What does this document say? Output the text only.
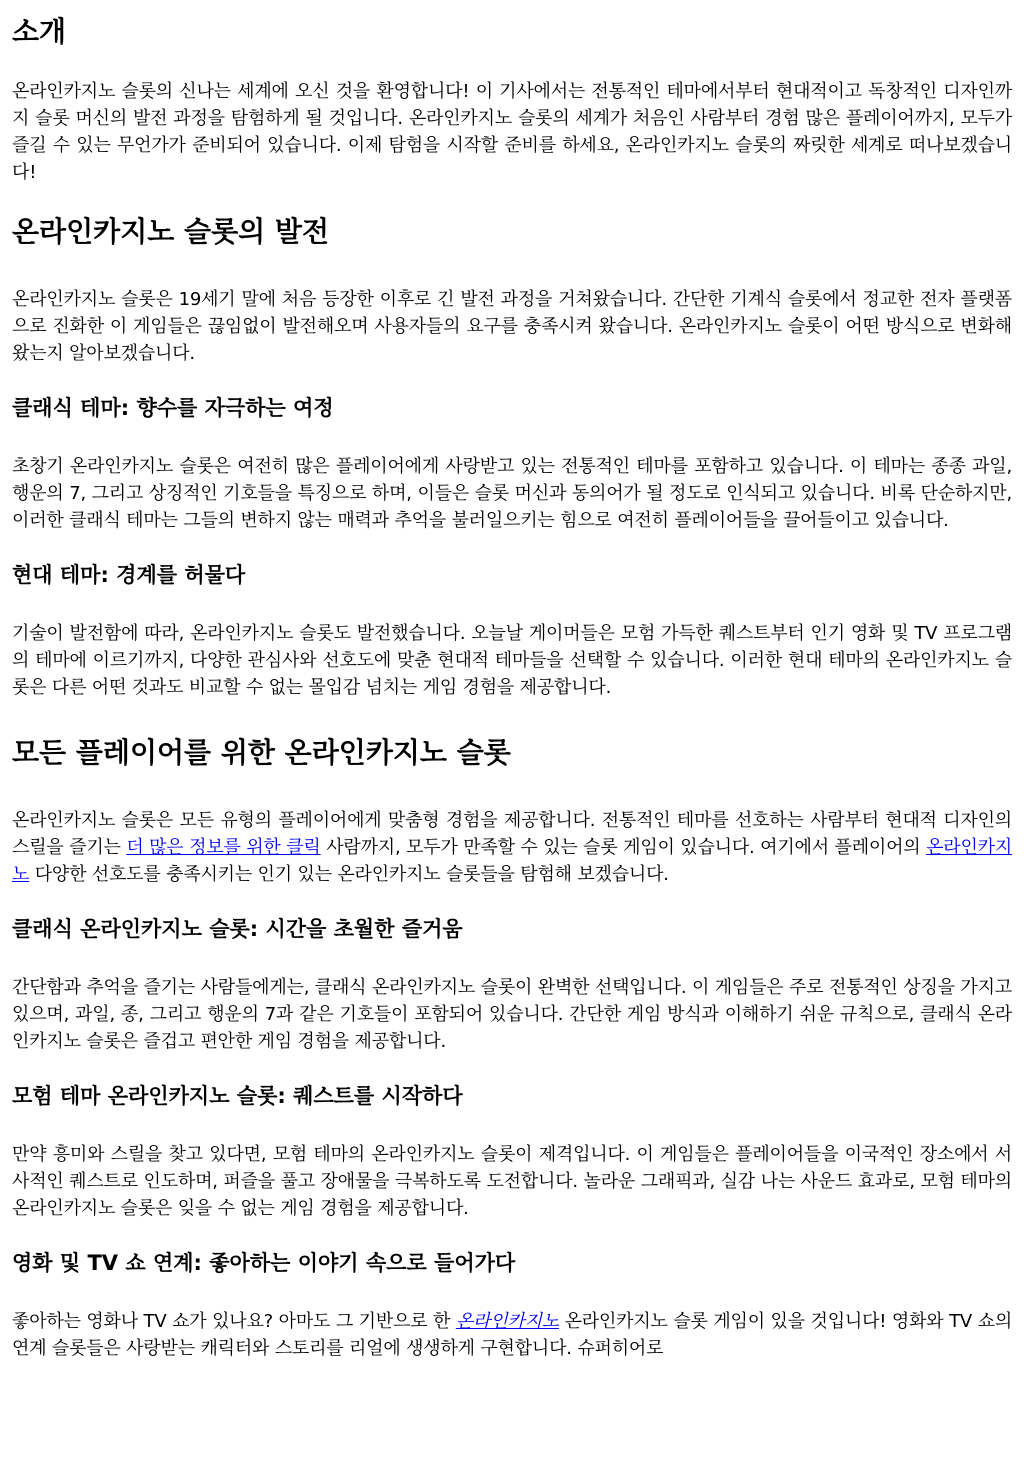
소개

온라인카지노 슬롯의 신나는 세계에 오신 것을 환영합니다! 이 기사에서는 전통적인 테마에서부터 현대적이고 독창적인 디자인까지 슬롯 머신의 발전 과정을 탐험하게 될 것입니다. 온라인카지노 슬롯의 세계가 처음인 사람부터 경험 많은 플레이어까지, 모두가 즐길 수 있는 무언가가 준비되어 있습니다. 이제 탐험을 시작할 준비를 하세요, 온라인카지노 슬롯의 짜릿한 세계로 떠나보겠습니다!

온라인카지노 슬롯의 발전

온라인카지노 슬롯은 19세기 말에 처음 등장한 이후로 긴 발전 과정을 거쳐왔습니다. 간단한 기계식 슬롯에서 정교한 전자 플랫폼으로 진화한 이 게임들은 끊임없이 발전해오며 사용자들의 요구를 충족시켜 왔습니다. 온라인카지노 슬롯이 어떤 방식으로 변화해왔는지 알아보겠습니다.

클래식 테마: 향수를 자극하는 여정

초창기 온라인카지노 슬롯은 여전히 많은 플레이어에게 사랑받고 있는 전통적인 테마를 포함하고 있습니다. 이 테마는 종종 과일, 행운의 7, 그리고 상징적인 기호들을 특징으로 하며, 이들은 슬롯 머신과 동의어가 될 정도로 인식되고 있습니다. 비록 단순하지만, 이러한 클래식 테마는 그들의 변하지 않는 매력과 추억을 불러일으키는 힘으로 여전히 플레이어들을 끌어들이고 있습니다.

현대 테마: 경계를 허물다

기술이 발전함에 따라, 온라인카지노 슬롯도 발전했습니다. 오늘날 게이머들은 모험 가득한 퀘스트부터 인기 영화 및 TV 프로그램의 테마에 이르기까지, 다양한 관심사와 선호도에 맞춘 현대적 테마들을 선택할 수 있습니다. 이러한 현대 테마의 온라인카지노 슬롯은 다른 어떤 것과도 비교할 수 없는 몰입감 넘치는 게임 경험을 제공합니다.

모든 플레이어를 위한 온라인카지노 슬롯

온라인카지노 슬롯은 모든 유형의 플레이어에게 맞춤형 경험을 제공합니다. 전통적인 테마를 선호하는 사람부터 현대적 디자인의 스릴을 즐기는 더 많은 정보를 위한 클릭 사람까지, 모두가 만족할 수 있는 슬롯 게임이 있습니다. 여기에서 플레이어의 온라인카지노 다양한 선호도를 충족시키는 인기 있는 온라인카지노 슬롯들을 탐험해 보겠습니다.

클래식 온라인카지노 슬롯: 시간을 초월한 즐거움

간단함과 추억을 즐기는 사람들에게는, 클래식 온라인카지노 슬롯이 완벽한 선택입니다. 이 게임들은 주로 전통적인 상징을 가지고 있으며, 과일, 종, 그리고 행운의 7과 같은 기호들이 포함되어 있습니다. 간단한 게임 방식과 이해하기 쉬운 규칙으로, 클래식 온라인카지노 슬롯은 즐겁고 편안한 게임 경험을 제공합니다.

모험 테마 온라인카지노 슬롯: 퀘스트를 시작하다

만약 흥미와 스릴을 찾고 있다면, 모험 테마의 온라인카지노 슬롯이 제격입니다. 이 게임들은 플레이어들을 이국적인 장소에서 서사적인 퀘스트로 인도하며, 퍼즐을 풀고 장애물을 극복하도록 도전합니다. 놀라운 그래픽과, 실감 나는 사운드 효과로, 모험 테마의 온라인카지노 슬롯은 잊을 수 없는 게임 경험을 제공합니다.

영화 및 TV 쇼 연계: 좋아하는 이야기 속으로 들어가다

좋아하는 영화나 TV 쇼가 있나요? 아마도 그 기반으로 한 온라인카지노 온라인카지노 슬롯 게임이 있을 것입니다! 영화와 TV 쇼의 연계 슬롯들은 사랑받는 캐릭터와 스토리를 리얼에 생생하게 구현합니다. 슈퍼히어로
